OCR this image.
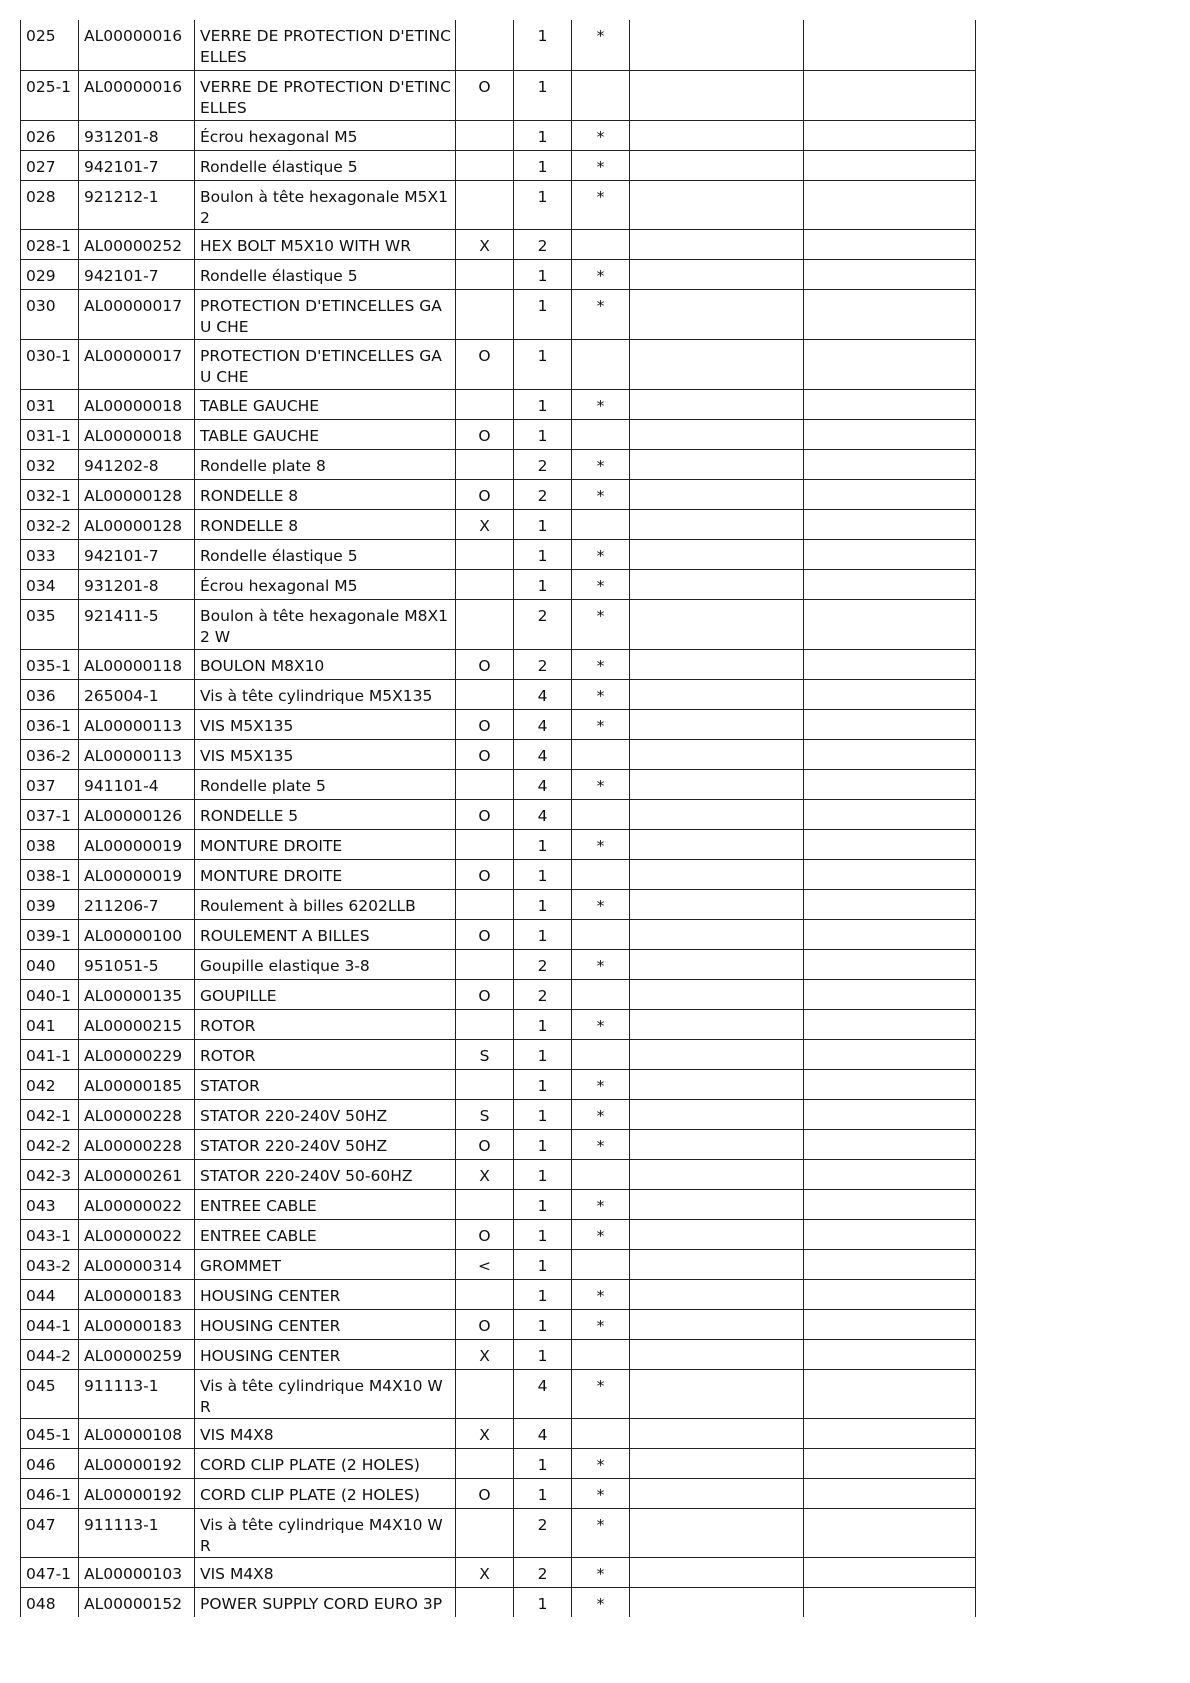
025	AL00000016	VERRE DE PROTECTION D'ETINC ELLES		1	*		
025-1	AL00000016	VERRE DE PROTECTION D'ETINC ELLES	O	1			
026	931201-8	Écrou hexagonal M5		1	*		
027	942101-7	Rondelle élastique 5		1	*		
028	921212-1	Boulon à tête hexagonale M5X12		1	*		
028-1	AL00000252	HEX BOLT M5X10 WITH WR	X	2			
029	942101-7	Rondelle élastique 5		1	*		
030	AL00000017	PROTECTION D'ETINCELLES GAU CHE		1	*		
030-1	AL00000017	PROTECTION D'ETINCELLES GAU CHE	O	1			
031	AL00000018	TABLE GAUCHE		1	*		
031-1	AL00000018	TABLE GAUCHE	O	1			
032	941202-8	Rondelle plate 8		2	*		
032-1	AL00000128	RONDELLE 8	O	2	*		
032-2	AL00000128	RONDELLE 8	X	1			
033	942101-7	Rondelle élastique 5		1	*		
034	931201-8	Écrou hexagonal M5		1	*		
035	921411-5	Boulon à tête hexagonale M8X12 W		2	*		
035-1	AL00000118	BOULON M8X10	O	2	*		
036	265004-1	Vis à tête cylindrique M5X135		4	*		
036-1	AL00000113	VIS M5X135	O	4	*		
036-2	AL00000113	VIS M5X135	O	4			
037	941101-4	Rondelle plate 5		4	*		
037-1	AL00000126	RONDELLE 5	O	4			
038	AL00000019	MONTURE DROITE		1	*		
038-1	AL00000019	MONTURE DROITE	O	1			
039	211206-7	Roulement à billes 6202LLB		1	*		
039-1	AL00000100	ROULEMENT A BILLES	O	1			
040	951051-5	Goupille elastique 3-8		2	*		
040-1	AL00000135	GOUPILLE	O	2			
041	AL00000215	ROTOR		1	*		
041-1	AL00000229	ROTOR	S	1			
042	AL00000185	STATOR		1	*		
042-1	AL00000228	STATOR 220-240V 50HZ	S	1	*		
042-2	AL00000228	STATOR 220-240V 50HZ	O	1	*		
042-3	AL00000261	STATOR 220-240V 50-60HZ	X	1			
043	AL00000022	ENTREE CABLE		1	*		
043-1	AL00000022	ENTREE CABLE	O	1	*		
043-2	AL00000314	GROMMET	<	1			
044	AL00000183	HOUSING CENTER		1	*		
044-1	AL00000183	HOUSING CENTER	O	1	*		
044-2	AL00000259	HOUSING CENTER	X	1			
045	911113-1	Vis à tête cylindrique M4X10 WR		4	*		
045-1	AL00000108	VIS M4X8	X	4			
046	AL00000192	CORD CLIP PLATE (2 HOLES)		1	*		
046-1	AL00000192	CORD CLIP PLATE (2 HOLES)	O	1	*		
047	911113-1	Vis à tête cylindrique M4X10 WR		2	*		
047-1	AL00000103	VIS M4X8	X	2	*		
048	AL00000152	POWER SUPPLY CORD EURO 3P		1	*		
